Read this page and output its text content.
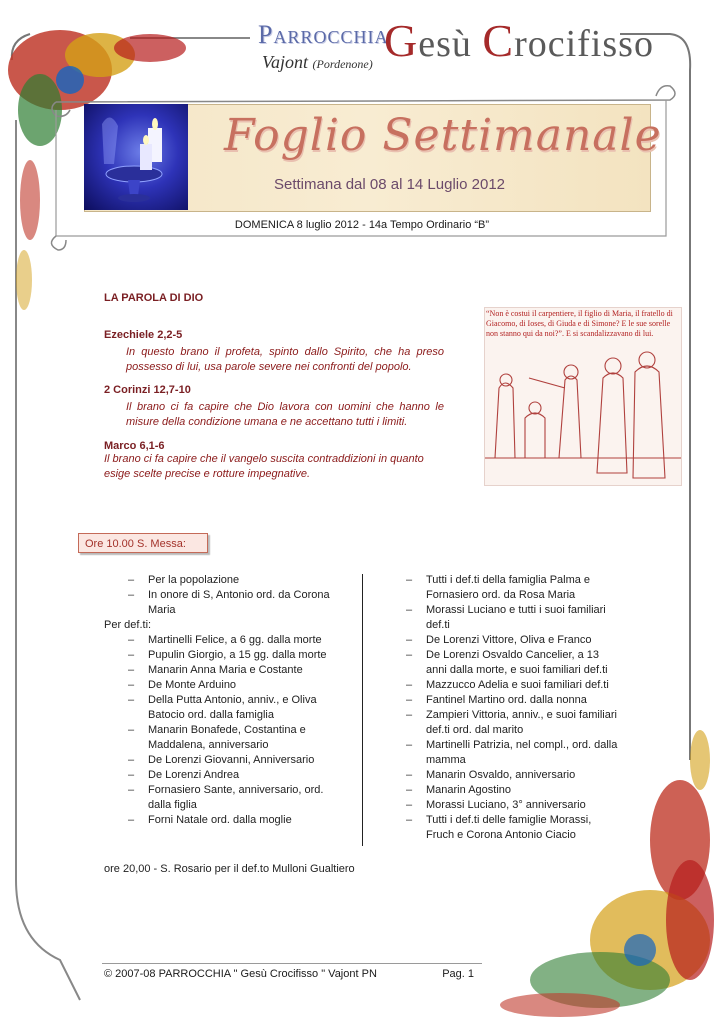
Parrocchia
Vajont (Pordenone) Gesù Crocifisso
Foglio Settimanale
Settimana dal 08 al 14 Luglio 2012
DOMENICA 8 luglio 2012 - 14a Tempo Ordinario “B”
LA PAROLA DI DIO
Ezechiele 2,2-5
In questo brano il profeta, spinto dallo Spirito, che ha preso possesso di lui, usa parole severe nei confronti del popolo.
2 Corinzi 12,7-10
Il brano ci fa capire che Dio lavora con uomini che hanno le misure della condizione umana e ne accettano tutti i limiti.
Marco 6,1-6
Il brano ci fa capire che il vangelo suscita contraddizioni in quanto esige scelte precise e rotture impegnative.
“Non è costui il carpentiere, il figlio di Maria, il fratello di Giacomo, di Ioses, di Giuda e di Simone? E le sue sorelle non stanno qui da noi?”. E si scandalizzavano di lui.
Ore 10.00 S. Messa:
– Per la popolazione
– In onore di S, Antonio ord. da Corona Maria
Per def.ti:
– Martinelli Felice, a 6 gg. dalla morte
– Pupulin Giorgio, a 15 gg. dalla morte
– Manarin Anna Maria e Costante
– De Monte Arduino
– Della Putta Antonio, anniv., e Oliva Batocio ord. dalla famiglia
– Manarin Bonafede, Costantina e Maddalena, anniversario
– De Lorenzi Giovanni, Anniversario
– De Lorenzi Andrea
– Fornasiero Sante, anniversario, ord. dalla figlia
– Forni Natale ord. dalla moglie
– Tutti i def.ti della famiglia Palma e Fornasiero ord. da Rosa Maria
– Morassi Luciano e tutti i suoi familiari def.ti
– De Lorenzi Vittore, Oliva e Franco
– De Lorenzi Osvaldo Cancelier, a 13 anni dalla morte, e suoi familiari def.ti
– Mazzucco Adelia e suoi familiari def.ti
– Fantinel Martino ord. dalla nonna
– Zampieri Vittoria, anniv., e suoi familiari def.ti ord. dal marito
– Martinelli Patrizia, nel compl., ord. dalla mamma
– Manarin Osvaldo, anniversario
– Manarin Agostino
– Morassi Luciano, 3° anniversario
– Tutti i def.ti delle famiglie Morassi, Fruch e Corona Antonio Ciacio
ore 20,00 - S. Rosario per il def.to Mulloni Gualtiero
© 2007-08 PARROCCHIA " Gesù Crocifisso " Vajont PN	Pag. 1
